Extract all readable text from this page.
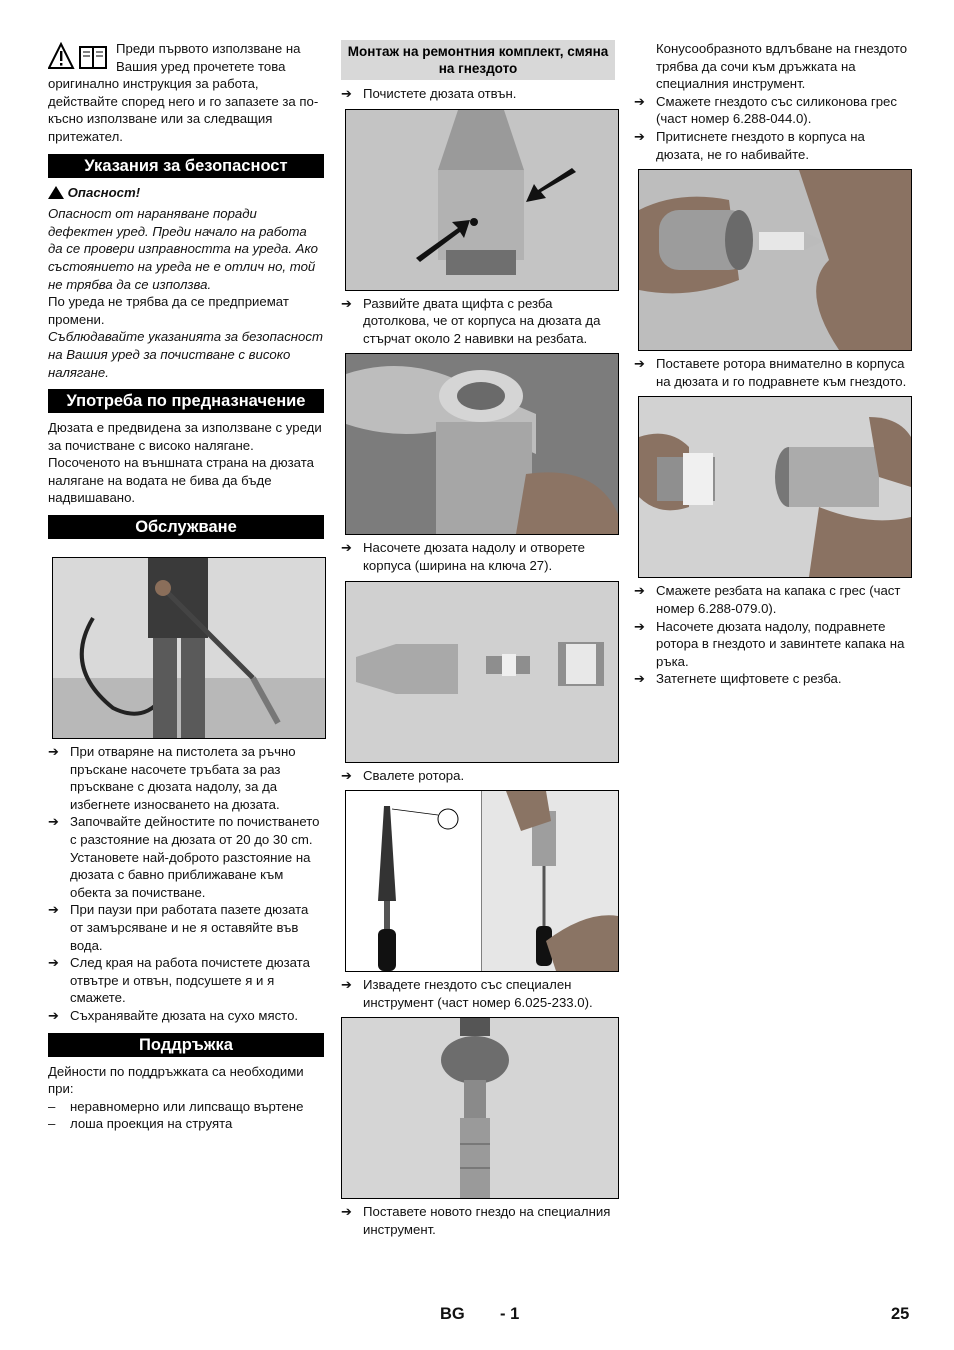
Преди първото използване на Вашия уред прочетете това оригинално инструкция за работа, действайте според него и го запазете за по-късно използване или за следващия притежател.

Указания за безопасност

Опасност!

Опасност от нараняване поради дефектен уред. Преди начало на работа да се провери изправността на уреда. Ако състоянието на уреда не е отлич но, той не трябва да се използва.

По уреда не трябва да се предприемат промени.

Съблюдавайте указанията за безопасност на Вашия уред за почистване с високо налягане.

Употреба по предназначение

Дюзата е предвидена за използване с уреди за почистване с високо налягане. Посоченото на външната страна на дюзата налягане на водата не бива да бъде надвишавано.

Обслужване

➔ При отваряне на пистолета за ръчно пръскане насочете тръбата за раз пръскване с дюзата надолу, за да избегнете износването на дюзата.

➔ Започвайте дейностите по почистването с разстояние на дюзата от 20 до 30 cm.

Установете най-доброто разстояние на дюзата с бавно приближаване към обекта за почистване.

➔ При паузи при работата пазете дюзата от замърсяване и не я оставяйте във вода.

➔ След края на работа почистете дюзата отвътре и отвън, подсушете я и я смажете.

➔ Съхранявайте дюзата на сухо място.

Поддръжка

Дейности по поддръжката са необходими при:

– неравномерно или липсващо въртене

– лоша проекция на струята

Монтаж на ремонтния комплект, смяна на гнездото

➔ Почистете дюзата отвън.

➔ Развийте двата щифта с резба дотолкова, че от корпуса на дюзата да стърчат около 2 навивки на резбата.

➔ Насочете дюзата надолу и отворете корпуса (ширина на ключа 27).

➔ Свалете ротора.

➔ Извадете гнездото със специален инструмент (част номер 6.025-233.0).

➔ Поставете новото гнездо на специалния инструмент.

Конусообразното вдлъбване на гнездото трябва да сочи към дръжката на специалния инструмент.

➔ Смажете гнездото със силиконова грес (част номер 6.288-044.0).

➔ Притиснете гнездото в корпуса на дюзата, не го набивайте.

➔ Поставете ротора внимателно в корпуса на дюзата и го подравнете към гнездото.

➔ Смажете резбата на капака с грес (част номер 6.288-079.0).

➔ Насочете дюзата надолу, подравнете ротора в гнездото и завинтете капака на ръка.

➔ Затегнете щифтовете с резба.

BG - 1	25
